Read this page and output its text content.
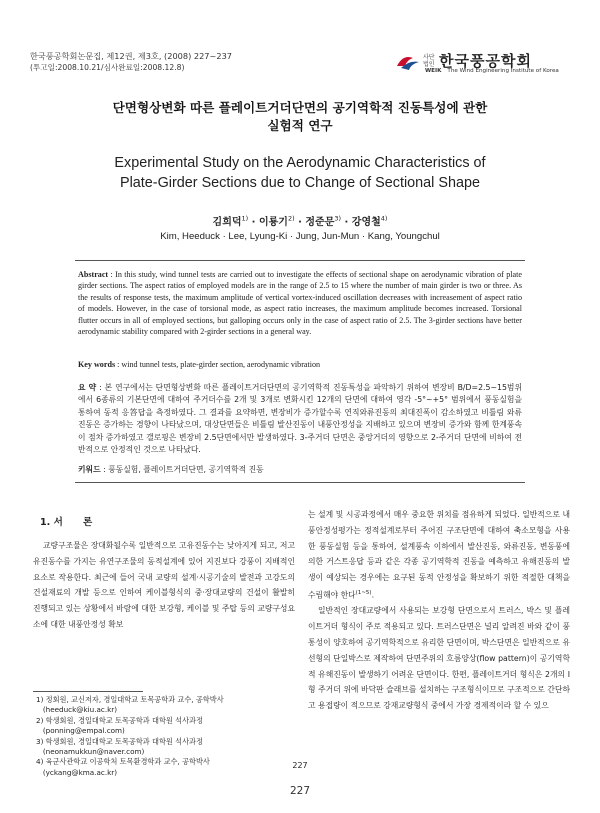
한국풍공학회논문집, 제12권, 제3호, (2008) 227~237
(투고일:2008.10.21/심사완료일:2008.12.8)
사단
법인 한국풍공학회
WEIK The Wind Engineering Institute of Korea
단면형상변화 따른 플레이트거더단면의 공기역학적 진동특성에 관한
실험적 연구
Experimental Study on the Aerodynamic Characteristics of
Plate-Girder Sections due to Change of Sectional Shape
김희덕$^{1)}$ · 이룡기$^{2)}$ · 정준문$^{3)}$ · 강영철$^{4)}$
Kim, Heeduck · Lee, Lyung-Ki · Jung, Jun-Mun · Kang, Youngchul
Abstract : In this study, wind tunnel tests are carried out to investigate the effects of sectional shape on aerodynamic vibration of plate girder sections. The aspect ratios of employed models are in the range of 2.5 to 15 where the number of main girder is two or three. As the results of response tests, the maximum amplitude of vertical vortex-induced oscillation decreases with increasement of aspect ratio of models. However, in the case of torsional mode, as aspect ratio increases, the maximum amplitude becomes increased. Torsional flutter occurs in all of employed sections, but galloping occurs only in the case of aspect ratio of 2.5. The 3-girder sections have better aerodynamic stability compared with 2-girder sections in a general way.
Key words : wind tunnel tests, plate-girder section, aerodynamic vibration
요 약 : 본 연구에서는 단면형상변화 따른 플레이트거더단면의 공기역학적 진동특성을 파악하기 위하여 변장비 B/D=2.5~15범위에서 6종류의 기본단면에 대하여 주거더수를 2개 및 3개로 변화시킨 12개의 단면에 대하여 영각 -5°~+5° 범위에서 풍동실험을 통하여 동적 응答답을 측정하였다. 그 결과를 요약하면, 변장비가 증가할수록 연직와류진동의 최대진폭이 감소하였고 비틀림 와류진동은 증가하는 경향이 나타났으며, 대상단면들은 비틀림 발산진동이 내풍안정성을 지배하고 있으며 변장비 증가와 함께 한계풍속이 점차 증가하였고 갤로핑은 변장비 2.5단면에서만 발생하였다. 3-주거더 단면은 중앙거더의 영향으로 2-주거더 단면에 비하여 전반적으로 안정적인 것으로 나타났다.
키워드 : 풍동실험, 플레이트거더단면, 공기역학적 진동
1. 서      론

교량구조물은 장대화될수록 일반적으로 고유진동수는 낮아지게 되고, 저고유진동수를 가지는 유연구조물의 동적설계에 있어 지진보다 강풍이 지배적인 요소로 작용한다. 최근에 들어 국내 교량의 설계·시공기술의 발전과 고강도의 건설재료의 개발 등으로 인하여 케이블형식의 중·장대교량의 건설이 활발히 진행되고 있는 상황에서 바람에 대한 보강형, 케이블 및 주탑 등의 교량구성요소에 대한 내풍안정성 확보

는 설계 및 시공과정에서 매우 중요한 위치를 점유하게 되었다. 일반적으로 내풍안정성평가는 정적설계로부터 주어진 구조단면에 대하여 축소모형을 사용한 풍동실험 등을 통하여, 설계풍속 이하에서 발산진동, 와류진동, 변동풍에 의한 거스트응답 등과 같은 각종 공기역학적 진동을 예측하고 유해진동의 발생이 예상되는 경우에는 요구된 동적 안정성을 확보하기 위한 적절한 대책을 수립해야 한다$^{(1\sim 5)}$.

일반적인 장대교량에서 사용되는 보강형 단면으로서 트러스, 박스 및 플레이트거더 형식이 주로 적용되고 있다. 트러스단면은 널리 알려진 바와 같이 풍통성이 양호하여 공기역학적으로 유리한 단면이며, 박스단면은 일반적으로 유선형의 단일박스로 제작하여 단면주위의 흐름양상(flow pattern)이 공기역학적 유해진동이 발생하기 어려운 단면이다. 한편, 플레이트거더 형식은 2개의 I형 주거더 위에 바닥판 슬래브를 설치하는 구조형식이므로 구조적으로 간단하고 용접량이 적으므로 강재교량형식 중에서 가장 경제적이라 할 수 있으

1) 정회원, 교신저자, 경일대학교 토목공학과 교수, 공학박사
(heeduck@kiu.ac.kr)
2) 학생회원, 경일대학교 토목공학과 대학원 석사과정
(ponning@empal.com)
3) 학생회원, 경일대학교 토목공학과 대학원 석사과정
(neonamukkun@naver.com)
4) 육군사관학교 이공학처 토목환경학과 교수, 공학박사
(yckang@kma.ac.kr)
227
227
